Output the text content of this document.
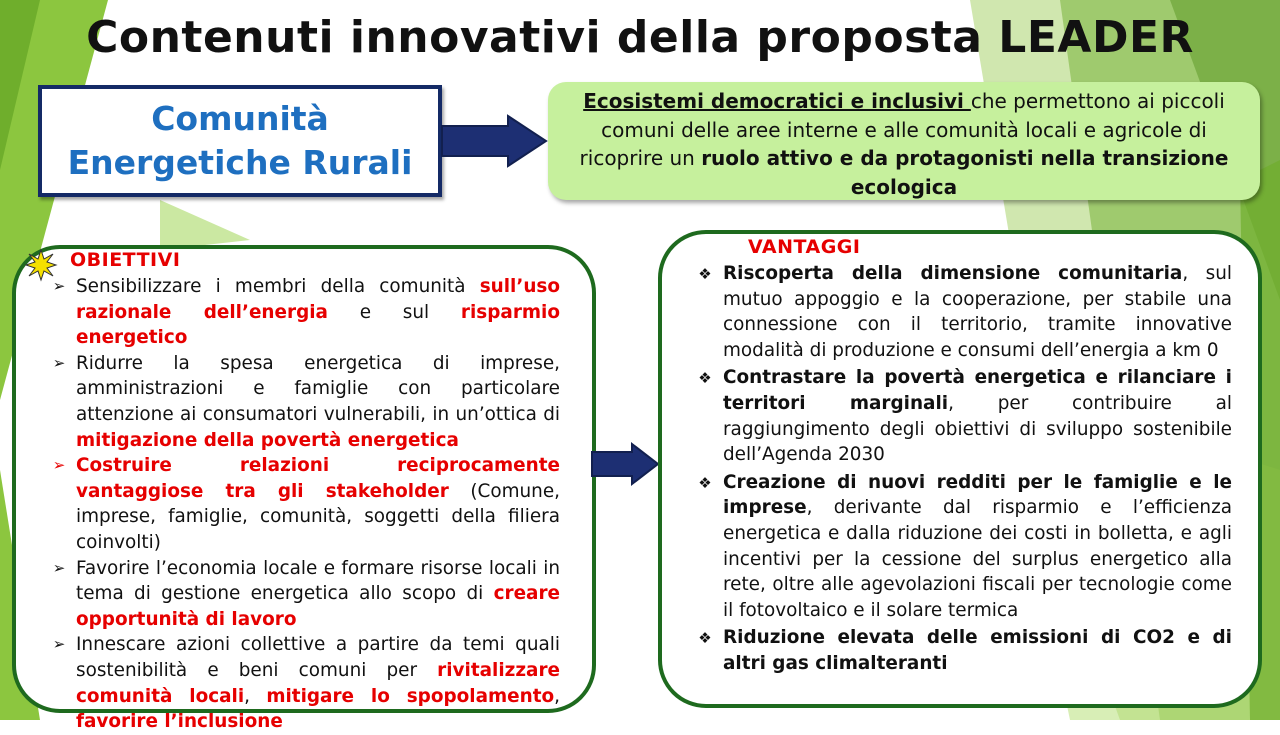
Contenuti innovativi della proposta LEADER
Comunità
Energetiche Rurali
Ecosistemi democratici e inclusivi che permettono ai piccoli comuni delle aree interne e alle comunità locali e agricole di ricoprire un ruolo attivo e da protagonisti nella transizione ecologica
OBIETTIVI
➢ Sensibilizzare i membri della comunità sull’uso razionale dell’energia e sul risparmio energetico
➢ Ridurre la spesa energetica di imprese, amministrazioni e famiglie con particolare attenzione ai consumatori vulnerabili, in un’ottica di mitigazione della povertà energetica
➢ Costruire relazioni reciprocamente vantaggiose tra gli stakeholder (Comune, imprese, famiglie, comunità, soggetti della filiera coinvolti)
➢ Favorire l’economia locale e formare risorse locali in tema di gestione energetica allo scopo di creare opportunità di lavoro
➢ Innescare azioni collettive a partire da temi quali sostenibilità e beni comuni per rivitalizzare comunità locali, mitigare lo spopolamento, favorire l’inclusione
VANTAGGI
❖ Riscoperta della dimensione comunitaria, sul mutuo appoggio e la cooperazione, per stabile una connessione con il territorio, tramite innovative modalità di produzione e consumi dell’energia a km 0
❖ Contrastare la povertà energetica e rilanciare i territori marginali, per contribuire al raggiungimento degli obiettivi di sviluppo sostenibile dell’Agenda 2030
❖ Creazione di nuovi redditi per le famiglie e le imprese, derivante dal risparmio e l’efficienza energetica e dalla riduzione dei costi in bolletta, e agli incentivi per la cessione del surplus energetico alla rete, oltre alle agevolazioni fiscali per tecnologie come il fotovoltaico e il solare termica
❖ Riduzione elevata delle emissioni di CO2 e di altri gas climalteranti
